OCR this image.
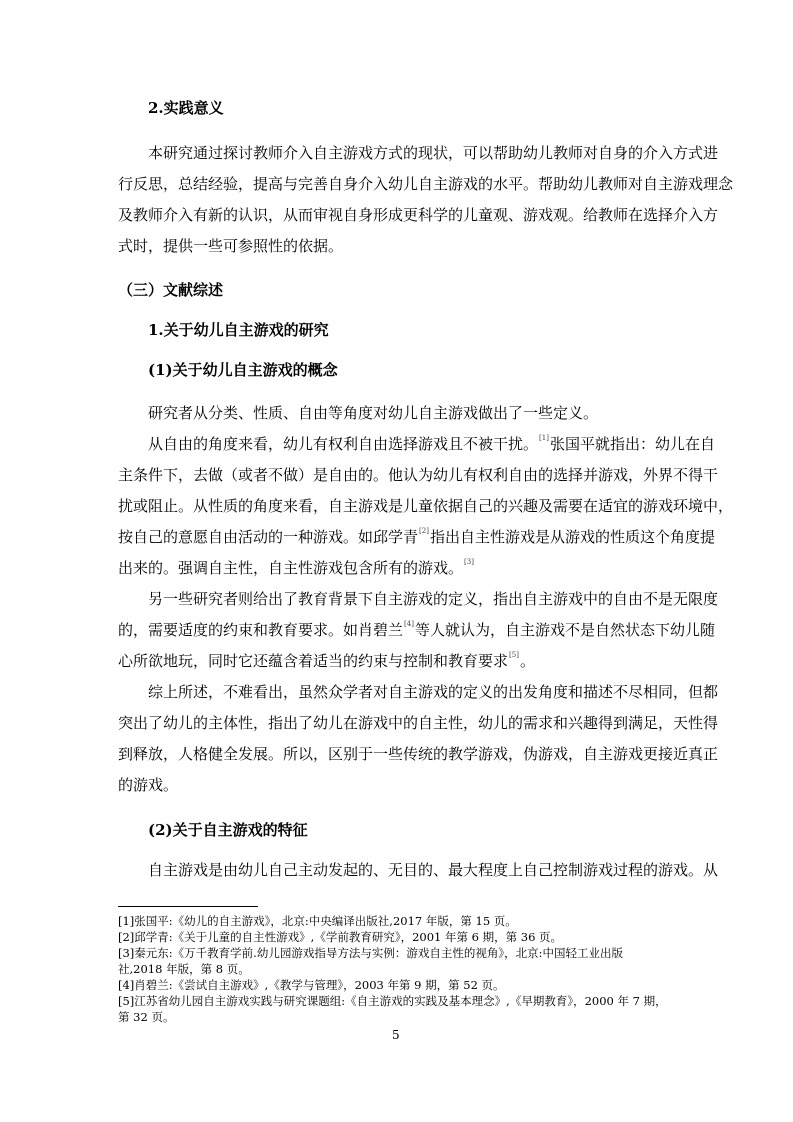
2.实践意义
本研究通过探讨教师介入自主游戏方式的现状，可以帮助幼儿教师对自身的介入方式进
行反思，总结经验，提高与完善自身介入幼儿自主游戏的水平。帮助幼儿教师对自主游戏理念
及教师介入有新的认识，从而审视自身形成更科学的儿童观、游戏观。给教师在选择介入方
式时，提供一些可参照性的依据。
（三）文献综述
1.关于幼儿自主游戏的研究
(1)关于幼儿自主游戏的概念
研究者从分类、性质、自由等角度对幼儿自主游戏做出了一些定义。
从自由的角度来看，幼儿有权利自由选择游戏且不被干扰。[1]张国平就指出：幼儿在自
主条件下，去做（或者不做）是自由的。他认为幼儿有权利自由的选择并游戏，外界不得干
扰或阻止。从性质的角度来看，自主游戏是儿童依据自己的兴趣及需要在适宜的游戏环境中，
按自己的意愿自由活动的一种游戏。如邱学青[2]指出自主性游戏是从游戏的性质这个角度提
出来的。强调自主性，自主性游戏包含所有的游戏。[3]
另一些研究者则给出了教育背景下自主游戏的定义，指出自主游戏中的自由不是无限度
的，需要适度的约束和教育要求。如肖碧兰[4]等人就认为，自主游戏不是自然状态下幼儿随
心所欲地玩，同时它还蕴含着适当的约束与控制和教育要求[5]。
综上所述，不难看出，虽然众学者对自主游戏的定义的出发角度和描述不尽相同，但都
突出了幼儿的主体性，指出了幼儿在游戏中的自主性，幼儿的需求和兴趣得到满足，天性得
到释放，人格健全发展。所以，区别于一些传统的教学游戏，伪游戏，自主游戏更接近真正
的游戏。
(2)关于自主游戏的特征
自主游戏是由幼儿自己主动发起的、无目的、最大程度上自己控制游戏过程的游戏。从
[1]张国平:《幼儿的自主游戏》，北京:中央编译出版社,2017 年版，第 15 页。
[2]邱学青:《关于儿童的自主性游戏》,《学前教育研究》，2001 年第 6 期，第 36 页。
[3]秦元东:《万千教育学前.幼儿园游戏指导方法与实例：游戏自主性的视角》，北京:中国轻工业出版
社,2018 年版，第 8 页。
[4]肖碧兰:《尝试自主游戏》,《教学与管理》，2003 年第 9 期，第 52 页。
[5]江苏省幼儿园自主游戏实践与研究课题组:《自主游戏的实践及基本理念》,《早期教育》，2000 年 7 期，
第 32 页。
5
